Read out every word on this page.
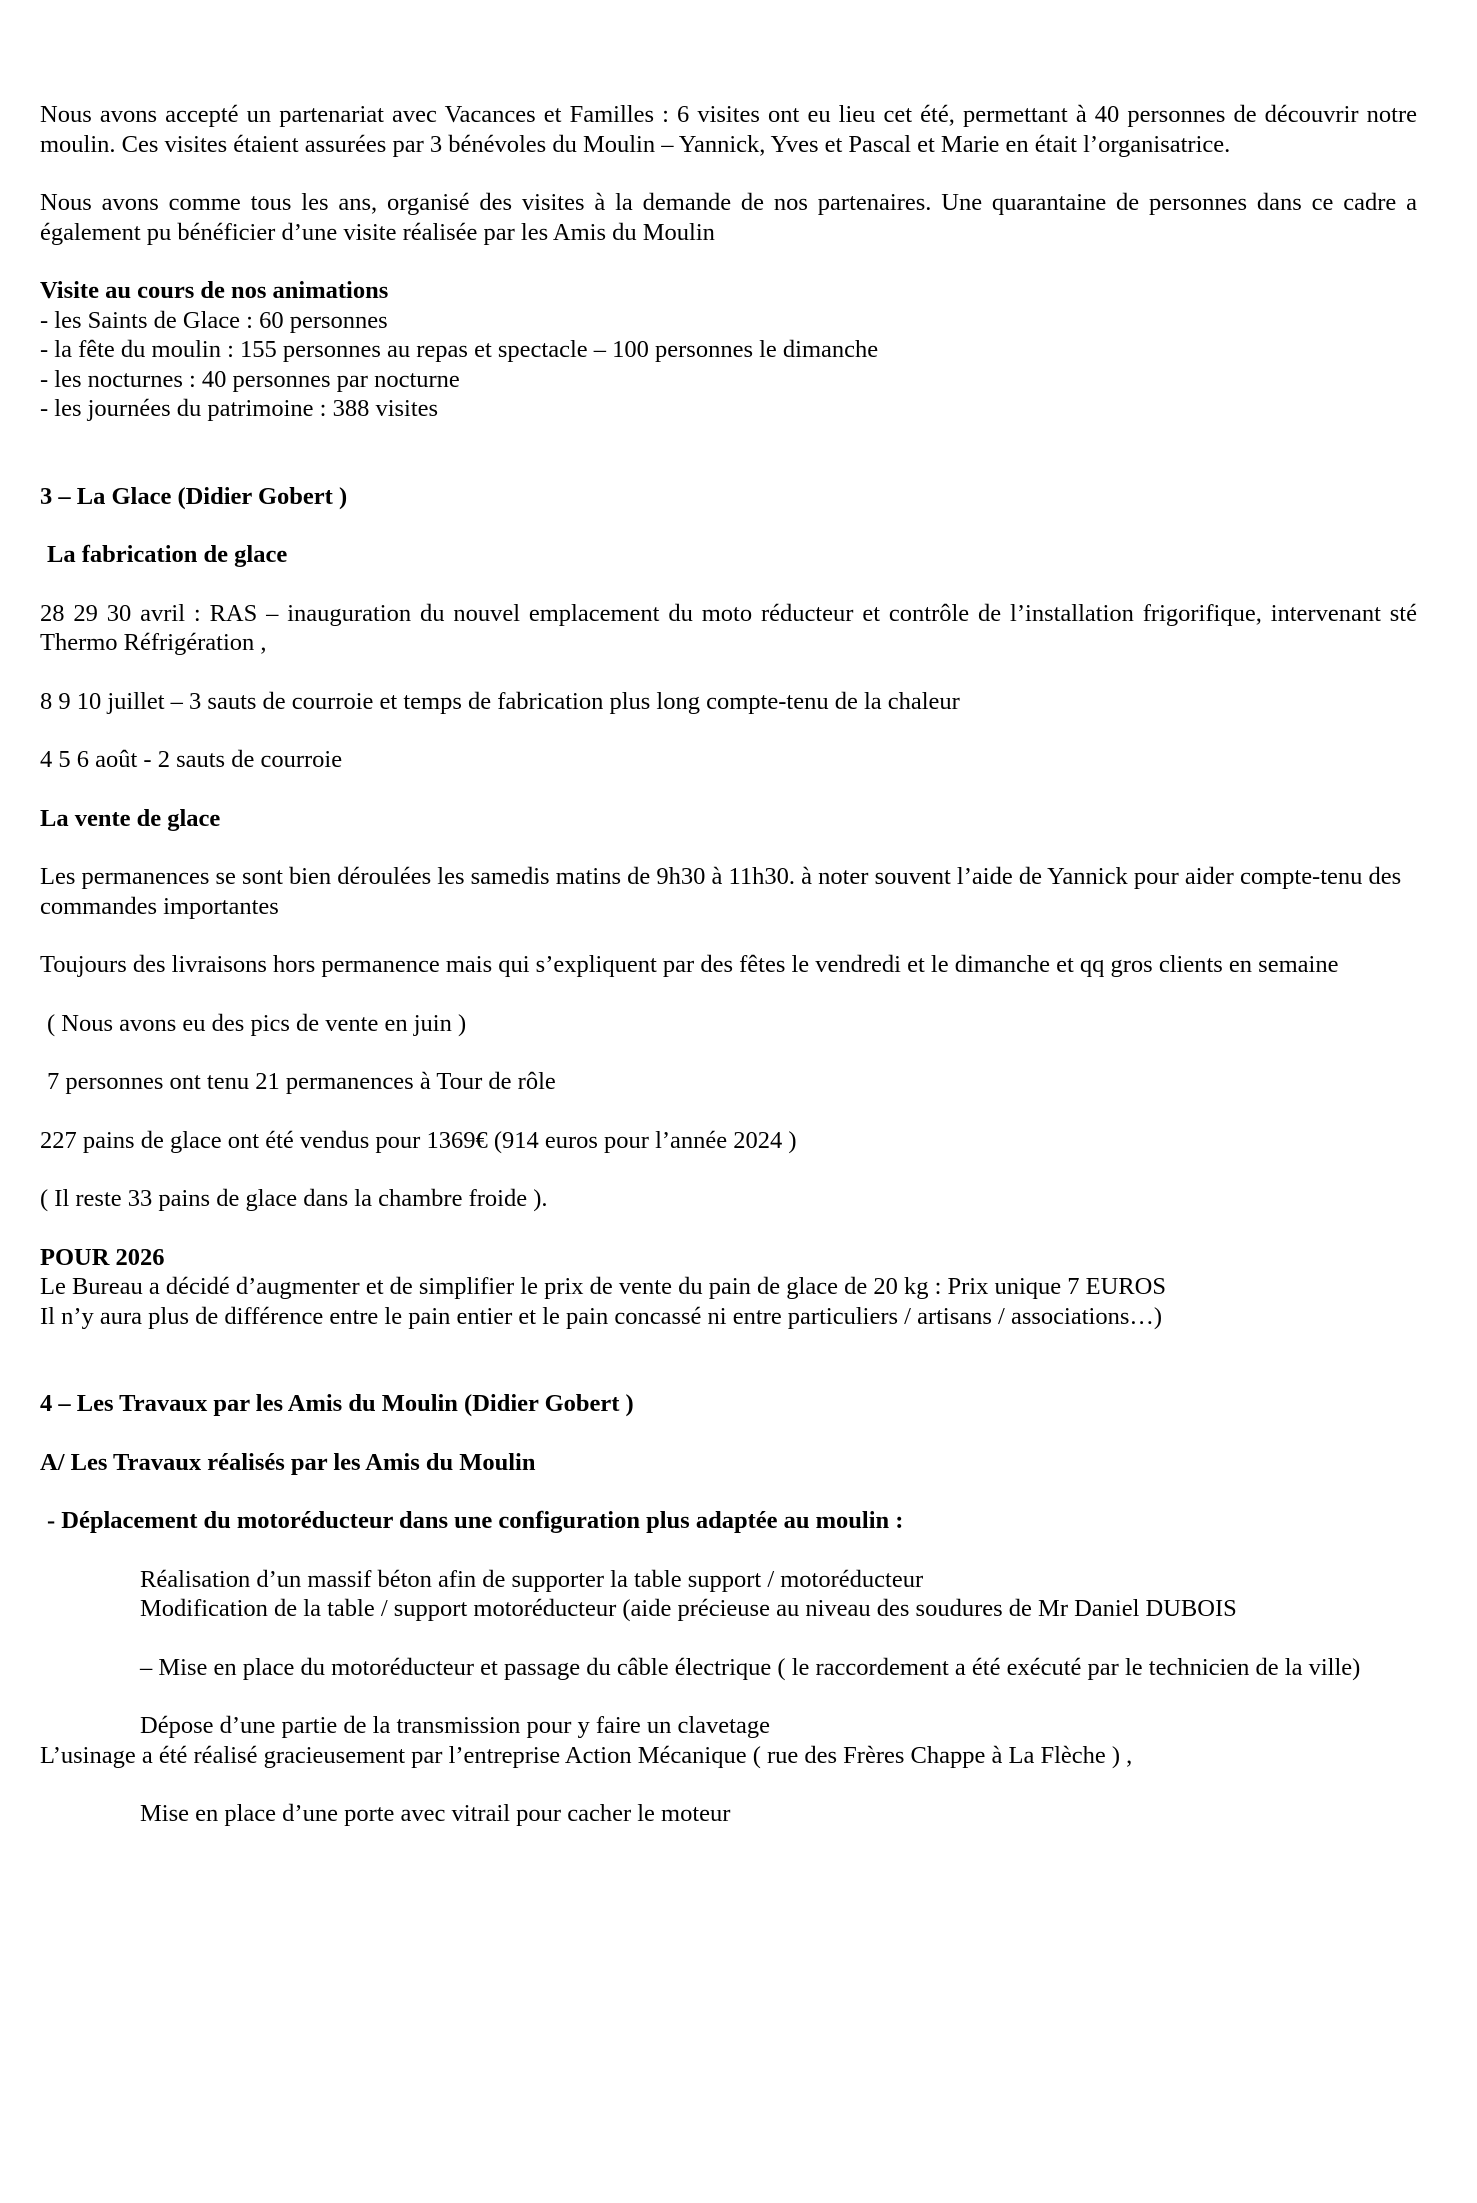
Nous avons accepté un partenariat avec Vacances et Familles : 6 visites ont eu lieu cet été, permettant à 40 personnes de découvrir notre moulin. Ces visites étaient assurées par 3 bénévoles du Moulin – Yannick, Yves et Pascal et Marie en était l’organisatrice.

Nous avons comme tous les ans, organisé des visites à la demande de nos partenaires. Une quarantaine de personnes dans ce cadre a également pu bénéficier d’une visite réalisée par les Amis du Moulin

Visite au cours de nos animations

- les Saints de Glace : 60 personnes

- la fête du moulin : 155 personnes au repas et spectacle – 100 personnes le dimanche

- les nocturnes : 40 personnes par nocturne

- les journées du patrimoine : 388 visites

3 – La Glace (Didier Gobert )

La fabrication de glace

28 29 30 avril : RAS – inauguration du nouvel emplacement du moto réducteur et contrôle de l’installation frigorifique, intervenant sté Thermo Réfrigération ,

8 9 10 juillet – 3 sauts de courroie et temps de fabrication plus long compte-tenu de la chaleur

4 5 6 août - 2 sauts de courroie

La vente de glace

Les permanences se sont bien déroulées les samedis matins de 9h30 à 11h30. à noter souvent l’aide de Yannick pour aider compte-tenu des commandes importantes

Toujours des livraisons hors permanence mais qui s’expliquent par des fêtes le vendredi et le dimanche et qq gros clients en semaine

( Nous avons eu des pics de vente en juin )

7 personnes ont tenu 21 permanences à Tour de rôle

227 pains de glace ont été vendus pour 1369€ (914 euros pour l’année 2024 )

( Il reste 33 pains de glace dans la chambre froide ).

POUR 2026

Le Bureau a décidé d’augmenter et de simplifier le prix de vente du pain de glace de 20 kg : Prix unique 7 EUROS

Il n’y aura plus de différence entre le pain entier et le pain concassé ni entre particuliers / artisans / associations…)

4 – Les Travaux par les Amis du Moulin (Didier Gobert )

A/ Les Travaux réalisés par les Amis du Moulin

- Déplacement du motoréducteur dans une configuration plus adaptée au moulin :

Réalisation d’un massif béton afin de supporter la table support / motoréducteur

Modification de la table / support motoréducteur (aide précieuse au niveau des soudures de Mr Daniel DUBOIS

– Mise en place du motoréducteur et passage du câble électrique ( le raccordement a été exécuté par le technicien de la ville)

Dépose d’une partie de la transmission pour y faire un clavetage

L’usinage a été réalisé gracieusement par l’entreprise Action Mécanique ( rue des Frères Chappe à La Flèche ) ,

Mise en place d’une porte avec vitrail pour cacher le moteur
